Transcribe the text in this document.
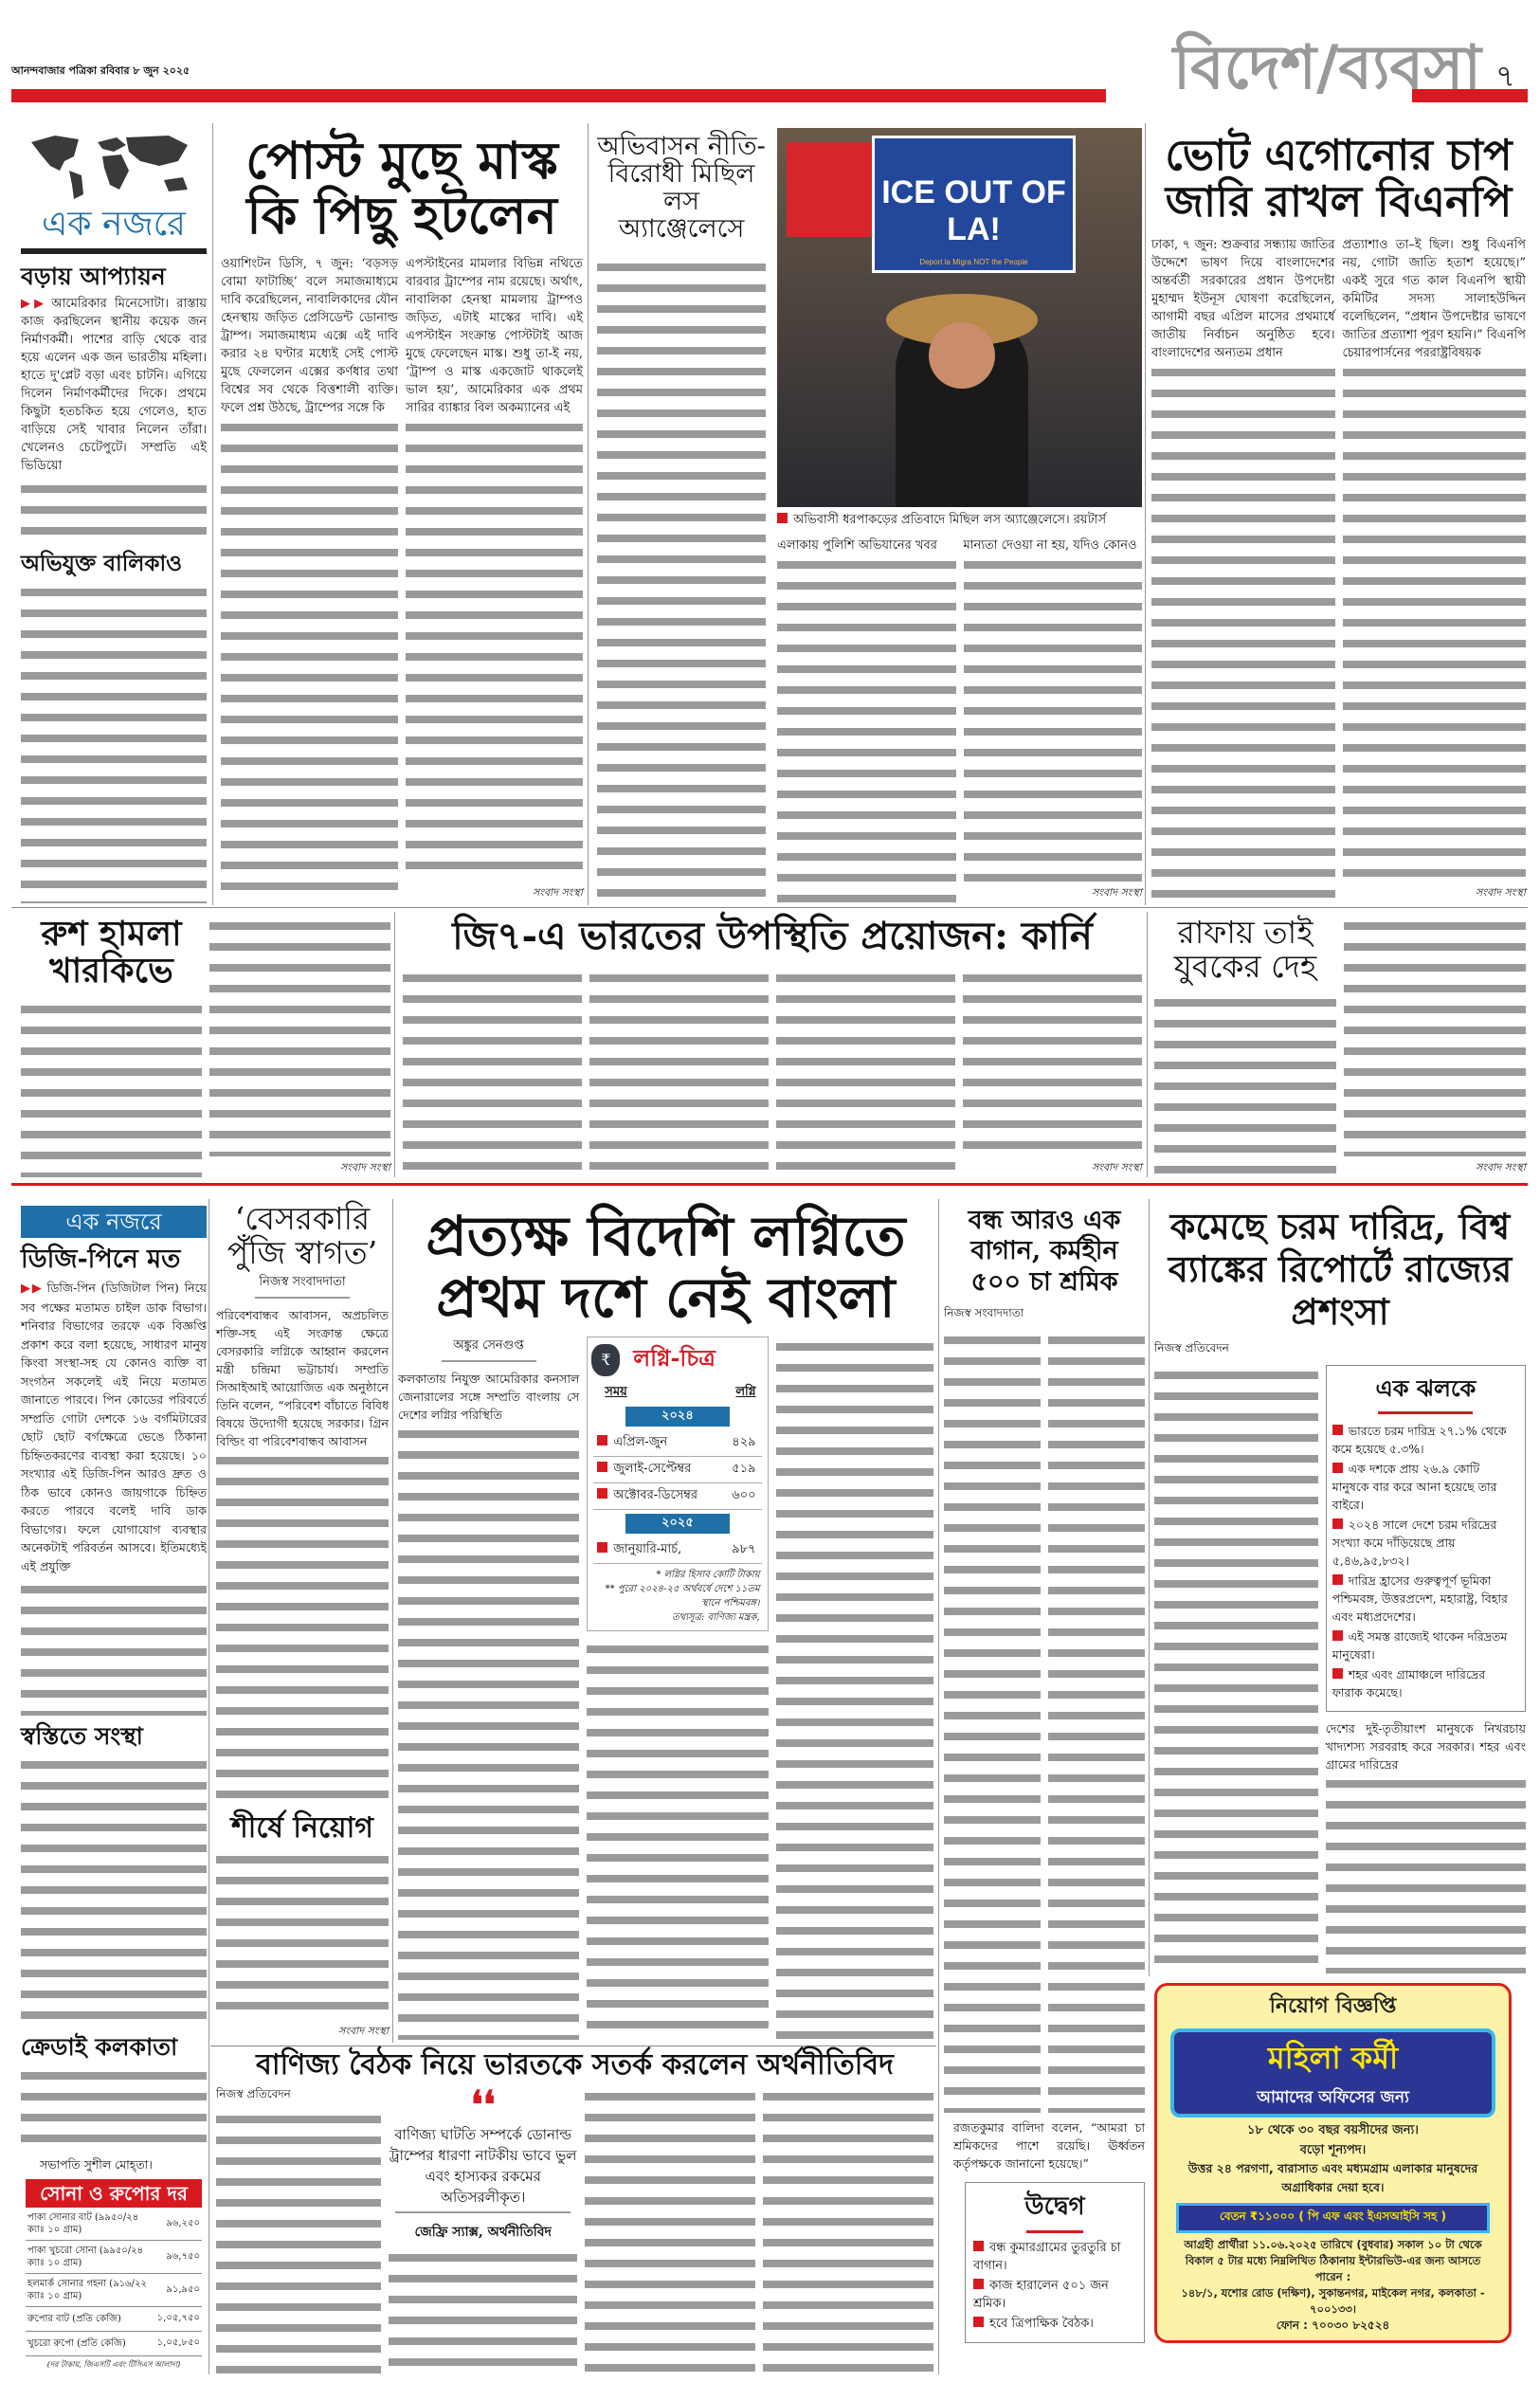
আনন্দবাজার পত্রিকা রবিবার ৮ জুন ২০২৫	বিদেশ/ব্যবসা ৭
এক নজরে
বড়ায় আপ্যায়ন
▶▶ আমেরিকার মিনেসোটা। রাস্তায় কাজ করছিলেন স্থানীয় কয়েক জন নির্মাণকর্মী। পাশের বাড়ি থেকে বার হয়ে এলেন এক জন ভারতীয় মহিলা। হাতে দু'প্লেট বড়া এবং চাটনি। এগিয়ে দিলেন নির্মাণকর্মীদের দিকে। প্রথমে কিছুটা হতচকিত হয়ে গেলেও, হাত বাড়িয়ে সেই খাবার নিলেন তাঁরা। খেলেনও চেটেপুটে। সম্প্রতি এই ভিডিয়ো
অভিযুক্ত বালিকাও
পোস্ট মুছে মাস্ক কি পিছু হটলেন
ওয়াশিংটন ডিসি, ৭ জুন: ‘বড়সড় বোমা ফাটাচ্ছি’ বলে সমাজমাধ্যমে দাবি করেছিলেন, নাবালিকাদের যৌন হেনস্থায় জড়িত প্রেসিডেন্ট ডোনাল্ড ট্রাম্প। সমাজমাধ্যম এক্সে এই দাবি করার ২৪ ঘণ্টার মধ্যেই সেই পোস্ট মুছে ফেললেন এক্সের কর্ণধার তথা বিশ্বের সব থেকে বিত্তশালী ব্যক্তি। ফলে প্রশ্ন উঠছে, ট্রাম্পের সঙ্গে কি
এপস্টাইনের মামলার বিভিন্ন নথিতে বারবার ট্রাম্পের নাম রয়েছে। অর্থাৎ, নাবালিকা হেনস্থা মামলায় ট্রাম্পও জড়িত, এটাই মাস্কের দাবি। এই এপস্টাইন সংক্রান্ত পোস্টটাই আজ মুছে ফেলেছেন মাস্ক। শুধু তা-ই নয়, ‘ট্রাম্প ও মাস্ক একজোট থাকলেই ভাল হয়’, আমেরিকার এক প্রথম সারির ব্যাঙ্কার বিল অকম্যানের এই
সংবাদ সংস্থা
অভিবাসন নীতি-বিরোধী মিছিল লস অ্যাঞ্জেলেসে
ICE OUT OF LA!
Deport la Migra NOT the People
অভিবাসী ধরপাকড়ের প্রতিবাদে মিছিল লস অ্যাঞ্জেলেসে। রয়টার্স
এলাকায় পুলিশি অভিযানের খবর	মান্যতা দেওয়া না হয়, যদিও কোনও
সংবাদ সংস্থা
ভোট এগোনোর চাপ জারি রাখল বিএনপি
ঢাকা, ৭ জুন: শুক্রবার সন্ধ্যায় জাতির উদ্দেশে ভাষণ দিয়ে বাংলাদেশের অন্তর্বর্তী সরকারের প্রধান উপদেষ্টা মুহাম্মদ ইউনূস ঘোষণা করেছিলেন, আগামী বছর এপ্রিল মাসের প্রথমার্ধে জাতীয় নির্বাচন অনুষ্ঠিত হবে। বাংলাদেশের অন্যতম প্রধান
প্রত্যাশাও তা–ই ছিল। শুধু বিএনপি নয়, গোটা জাতি হতাশ হয়েছে।” একই সুরে গত কাল বিএনপি স্থায়ী কমিটির সদস্য সালাহউদ্দিন বলেছিলেন, “প্রধান উপদেষ্টার ভাষণে জাতির প্রত্যাশা পূরণ হয়নি।” বিএনপি চেয়ারপার্সনের পররাষ্ট্রবিষয়ক
সংবাদ সংস্থা
রুশ হামলা খারকিভে
সংবাদ সংস্থা
জি৭-এ ভারতের উপস্থিতি প্রয়োজন: কার্নি
সংবাদ সংস্থা
রাফায় তাই যুবকের দেহ
সংবাদ সংস্থা
এক নজরে
ডিজি-পিনে মত
▶▶ ডিজি-পিন (ডিজিটাল পিন) নিয়ে সব পক্ষের মতামত চাইল ডাক বিভাগ। শনিবার বিভাগের তরফে এক বিজ্ঞপ্তি প্রকাশ করে বলা হয়েছে, সাধারণ মানুষ কিংবা সংস্থা-সহ যে কোনও ব্যক্তি বা সংগঠন সকলেই এই নিয়ে মতামত জানাতে পারবে। পিন কোডের পরিবর্তে সম্প্রতি গোটা দেশকে ১৬ বর্গমিটারের ছোট ছোট বর্গক্ষেত্রে ভেঙে ঠিকানা চিহ্নিতকরণের ব্যবস্থা করা হয়েছে। ১০ সংখ্যার এই ডিজি-পিন আরও দ্রুত ও ঠিক ভাবে কোনও জায়গাকে চিহ্নিত করতে পারবে বলেই দাবি ডাক বিভাগের। ফলে যোগাযোগ ব্যবস্থার অনেকটাই পরিবর্তন আসবে। ইতিমধ্যেই এই প্রযুক্তি
স্বস্তিতে সংস্থা
ক্রেডাই কলকাতা
সভাপতি সুশীল মোহ্‌তা।
সোনা ও রুপোর দর
পাকা সোনার বাট (৯৯৫০/২৪ ক্যাঃ ১০ গ্রাম)	৯৬,২৫০
পাকা খুচরো সোনা (৯৯৫০/২৪ ক্যাঃ ১০ গ্রাম)	৯৬,৭৫০
হলমার্ক সোনার গহনা (৯১৬/২২ ক্যাঃ ১০ গ্রাম)	৯১,৯৫০
রুপোর বাট (প্রতি কেজি)	১,০৫,৭৫০
খুচরো রুপো (প্রতি কেজি)	১,০৫,৮৫০
(দর টাকায়, জিএসটি এবং টিসিএস আলাদা)
‘বেসরকারি পুঁজি স্বাগত’
নিজস্ব সংবাদদাতা
পরিবেশবান্ধব আবাসন, অপ্রচলিত শক্তি-সহ এই সংক্রান্ত ক্ষেত্রে বেসরকারি লগ্নিকে আহ্বান করলেন মন্ত্রী চন্দ্রিমা ভট্টাচার্য। সম্প্রতি সিআইআই আয়োজিত এক অনুষ্ঠানে তিনি বলেন, “পরিবেশ বাঁচাতে বিবিধ বিষয়ে উদ্যোগী হয়েছে সরকার। গ্রিন বিল্ডিং বা পরিবেশবান্ধব আবাসন
শীর্ষে নিয়োগ
সংবাদ সংস্থা
প্রত্যক্ষ বিদেশি লগ্নিতে প্রথম দশে নেই বাংলা
অঙ্কুর সেনগুপ্ত
কলকাতায় নিযুক্ত আমেরিকার কনসাল জেনারালের সঙ্গে সম্প্রতি বাংলায় সে দেশের লগ্নির পরিস্থিতি
₹ লগ্নি-চিত্র
সময়	লগ্নি
২০২৪
এপ্রিল-জুন	৪২৯
জুলাই-সেপ্টেম্বর	৫১৯
অক্টোবর-ডিসেম্বর	৬০০
২০২৫
জানুয়ারি-মার্চ,	৯৮৭
* লগ্নির হিসাব কোটি টাকায়
** পুরো ২০২৪-২৫ অর্থবর্ষে দেশে ১১তম স্থানে পশ্চিমবঙ্গ।
তথ্যসূত্র: বাণিজ্য মন্ত্রক,
বন্ধ আরও এক বাগান, কর্মহীন ৫০০ চা শ্রমিক
নিজস্ব সংবাদদাতা
রজতকুমার বালিদা বলেন, “আমরা চা শ্রমিকদের পাশে রয়েছি। ঊর্ধ্বতন কর্তৃপক্ষকে জানানো হয়েছে।”
উদ্বেগ
বন্ধ কুমারগ্রামের তুরতুরি চা বাগান।
কাজ হারালেন ৫০১ জন শ্রমিক।
হবে ত্রিপাক্ষিক বৈঠক।
কমেছে চরম দারিদ্র, বিশ্ব ব্যাঙ্কের রিপোর্টে রাজ্যের প্রশংসা
নিজস্ব প্রতিবেদন
এক ঝলকে
ভারতে চরম দারিদ্র ২৭.১% থেকে কমে হয়েছে ৫.৩%।
এক দশকে প্রায় ২৬.৯ কোটি মানুষকে বার করে আনা হয়েছে তার বাইরে।
২০২৪ সালে দেশে চরম দরিদ্রের সংখ্যা কমে দাঁড়িয়েছে প্রায় ৫,৪৬,৯৫,৮৩২।
দারিদ্র হ্রাসের গুরুত্বপূর্ণ ভূমিকা পশ্চিমবঙ্গ, উত্তরপ্রদেশ, মহারাষ্ট্র, বিহার এবং মধ্যপ্রদেশের।
এই সমস্ত রাজ্যেই থাকেন দরিদ্রতম মানুষেরা।
শহর এবং গ্রামাঞ্চলে দারিদ্রের ফারাক কমেছে।
দেশের দুই-তৃতীয়াংশ মানুষকে নিখরচায় খাদ্যশস্য সরবরাহ করে সরকার। শহর এবং গ্রামের দারিদ্রের
নিয়োগ বিজ্ঞপ্তি
মহিলা কর্মী
আমাদের অফিসের জন্য
১৮ থেকে ৩০ বছর বয়সীদের জন্য।
বড়ো শূন্যপদ।
উত্তর ২৪ পরগণা, বারাসাত এবং মধ্যমগ্রাম এলাকার মানুষদের অগ্রাধিকার দেয়া হবে।
বেতন ₹১১০০০ ( পি এফ এবং ইএসআইসি সহ )
আগ্রহী প্রার্থীরা ১১.০৬.২০২৫ তারিখে (বুধবার) সকাল ১০ টা থেকে বিকাল ৫ টার মধ্যে নিম্নলিখিত ঠিকানায় ইন্টারভিউ-এর জন্য আসতে পারেন :
১৪৮/১, যশোর রোড (দক্ষিণ), সুকান্তনগর, মাইকেল নগর, কলকাতা - ৭০০১৩৩।
ফোন : ৭০০৩০ ৮২৫২৪
বাণিজ্য বৈঠক নিয়ে ভারতকে সতর্ক করলেন অর্থনীতিবিদ
নিজস্ব প্রতিবেদন	❛❛
বাণিজ্য ঘাটতি সম্পর্কে ডোনাল্ড ট্রাম্পের ধারণা নাটকীয় ভাবে ভুল এবং হাস্যকর রকমের অতিসরলীকৃত।
জেফ্রি স্যাক্স, অর্থনীতিবিদ
